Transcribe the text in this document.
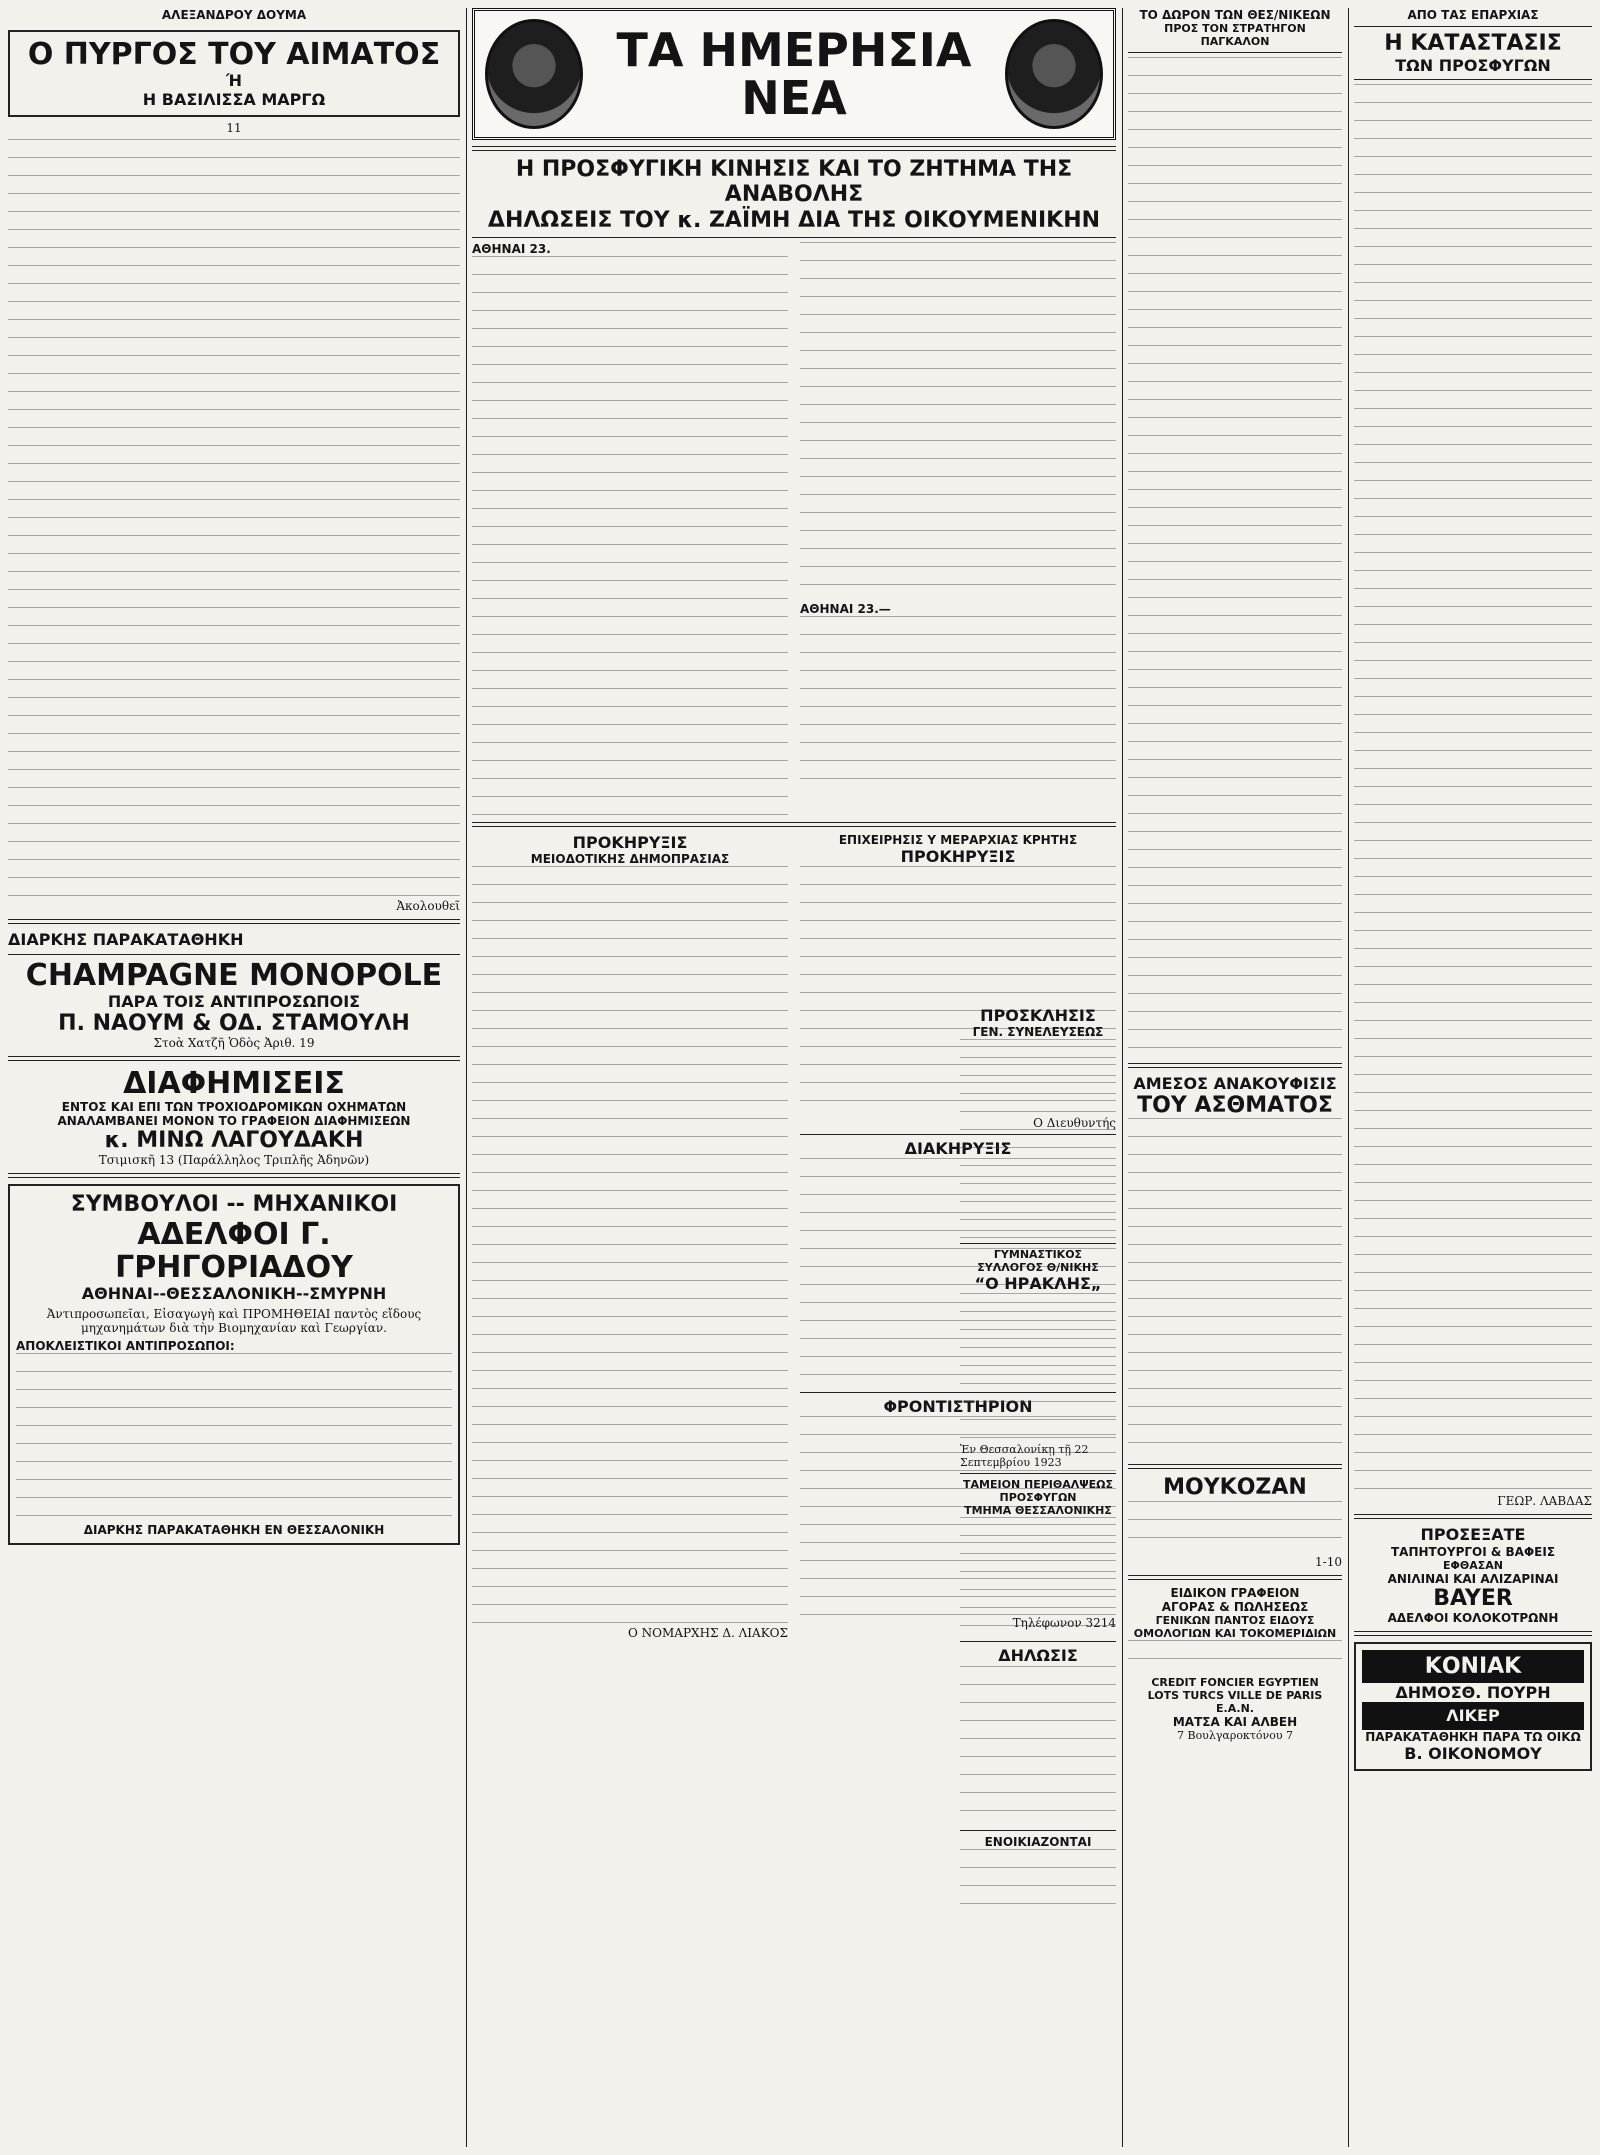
ΑΛΕΞΑΝΔΡΟΥ ΔΟΥΜΑ
Ο ΠΥΡΓΟΣ ΤΟΥ ΑΙΜΑΤΟΣ
Ή
Η ΒΑΣΙΛΙΣΣΑ ΜΑΡΓΩ
11
Ἀκολουθεῖ
ΔΙΑΡΚΗΣ ΠΑΡΑΚΑΤΑΘΗΚΗ
CHAMPAGNE MONOPOLE
ΠΑΡΑ ΤΟΙΣ ΑΝΤΙΠΡΟΣΩΠΟΙΣ
Π. ΝΑΟΥΜ & ΟΔ. ΣΤΑΜΟΥΛΗ
Στοὰ Χατζῆ Ὁδὸς Ἀριθ. 19
ΔΙΑΦΗΜΙΣΕΙΣ
ΕΝΤΟΣ ΚΑΙ ΕΠΙ ΤΩΝ ΤΡΟΧΙΟΔΡΟΜΙΚΩΝ ΟΧΗΜΑΤΩΝ
ΑΝΑΛΑΜΒΑΝΕΙ ΜΟΝΟΝ ΤΟ ΓΡΑΦΕΙΟΝ ΔΙΑΦΗΜΙΣΕΩΝ
κ. ΜΙΝΩ ΛΑΓΟΥΔΑΚΗ
Τσιμισκῆ 13 (Παράλληλος Τριπλῆς Ἀδηνῶν)
ΣΥΜΒΟΥΛΟΙ -- ΜΗΧΑΝΙΚΟΙ
ΑΔΕΛΦΟΙ Γ. ΓΡΗΓΟΡΙΑΔΟΥ
ΑΘΗΝΑΙ--ΘΕΣΣΑΛΟΝΙΚΗ--ΣΜΥΡΝΗ
Ἀντιπροσωπεῖαι, Εἰσαγωγὴ καὶ ΠΡΟΜΗΘΕΙΑΙ παντὸς εἴδους μηχανημάτων διὰ τὴν Βιομηχανίαν καὶ Γεωργίαν.
ΑΠΟΚΛΕΙΣΤΙΚΟΙ ΑΝΤΙΠΡΟΣΩΠΟΙ:
ΔΙΑΡΚΗΣ ΠΑΡΑΚΑΤΑΘΗΚΗ ΕΝ ΘΕΣΣΑΛΟΝΙΚΗ
ΤΑ ΗΜΕΡΗΣΙΑ ΝΕΑ
Η ΠΡΟΣΦΥΓΙΚΗ ΚΙΝΗΣΙΣ ΚΑΙ ΤΟ ΖΗΤΗΜΑ ΤΗΣ ΑΝΑΒΟΛΗΣ
ΔΗΛΩΣΕΙΣ ΤΟΥ κ. ΖΑΪΜΗ ΔΙΑ ΤΗΣ ΟΙΚΟΥΜΕΝΙΚΗΝ
ΑΘΗΝΑΙ 23.
ΑΘΗΝΑΙ 23.—
ΠΡΟΚΗΡΥΞΙΣ
ΜΕΙΟΔΟΤΙΚΗΣ ΔΗΜΟΠΡΑΣΙΑΣ
Ο ΝΟΜΑΡΧΗΣ Δ. ΛΙΑΚΟΣ
ΕΠΙΧΕΙΡΗΣΙΣ Υ ΜΕΡΑΡΧΙΑΣ ΚΡΗΤΗΣ
ΠΡΟΚΗΡΥΞΙΣ
Ο Διευθυντής
ΔΙΑΚΗΡΥΞΙΣ
ΦΡΟΝΤΙΣΤΗΡΙΟΝ
Τηλέφωνον 3214
ΠΡΟΣΚΛΗΣΙΣ
ΓΕΝ. ΣΥΝΕΛΕΥΣΕΩΣ
ΓΥΜΝΑΣΤΙΚΟΣ ΣΥΛΛΟΓΟΣ Θ/ΝΙΚΗΣ
“Ο ΗΡΑΚΛΗΣ„
Ἐν Θεσσαλονίκῃ τῇ 22 Σεπτεμβρίου 1923
ΤΑΜΕΙΟΝ ΠΕΡΙΘΑΛΨΕΩΣ ΠΡΟΣΦΥΓΩΝ
ΤΜΗΜΑ ΘΕΣΣΑΛΟΝΙΚΗΣ
ΔΗΛΩΣΙΣ
ΕΝΟΙΚΙΑΖΟΝΤΑΙ
ΤΟ ΔΩΡΟΝ ΤΩΝ ΘΕΣ/ΝΙΚΕΩΝ
ΠΡΟΣ ΤΟΝ ΣΤΡΑΤΗΓΟΝ ΠΑΓΚΑΛΟΝ
ΑΜΕΣΟΣ ΑΝΑΚΟΥΦΙΣΙΣ
ΤΟΥ ΑΣΘΜΑΤΟΣ
ΜΟΥΚΟΖΑΝ
1-10
ΕΙΔΙΚΟΝ ΓΡΑΦΕΙΟΝ
ΑΓΟΡΑΣ & ΠΩΛΗΣΕΩΣ
ΓΕΝΙΚΩΝ ΠΑΝΤΟΣ ΕΙΔΟΥΣ ΟΜΟΛΟΓΙΩΝ ΚΑΙ ΤΟΚΟΜΕΡΙΔΙΩΝ
CREDIT FONCIER EGYPTIEN
LOTS TURCS VILLE DE PARIS E.A.N.
ΜΑΤΣΑ ΚΑΙ ΑΛΒΕΗ
7 Βουλγαροκτόνου 7
ΑΠΟ ΤΑΣ ΕΠΑΡΧΙΑΣ
Η ΚΑΤΑΣΤΑΣΙΣ
ΤΩΝ ΠΡΟΣΦΥΓΩΝ
ΓΕΩΡ. ΛΑΒΔΑΣ
ΠΡΟΣΕΞΑΤΕ
ΤΑΠΗΤΟΥΡΓΟΙ & ΒΑΦΕΙΣ
ΕΦΘΑΣΑΝ
ΑΝΙΛΙΝΑΙ ΚΑΙ ΑΛΙΖΑΡΙΝΑΙ
BAYER
ΑΔΕΛΦΟΙ ΚΟΛΟΚΟΤΡΩΝΗ
ΚΟΝΙΑΚ
ΔΗΜΟΣΘ. ΠΟΥΡΗ
ΛΙΚΕΡ
ΠΑΡΑΚΑΤΑΘΗΚΗ ΠΑΡΑ ΤΩ ΟΙΚΩ
Β. ΟΙΚΟΝΟΜΟΥ
